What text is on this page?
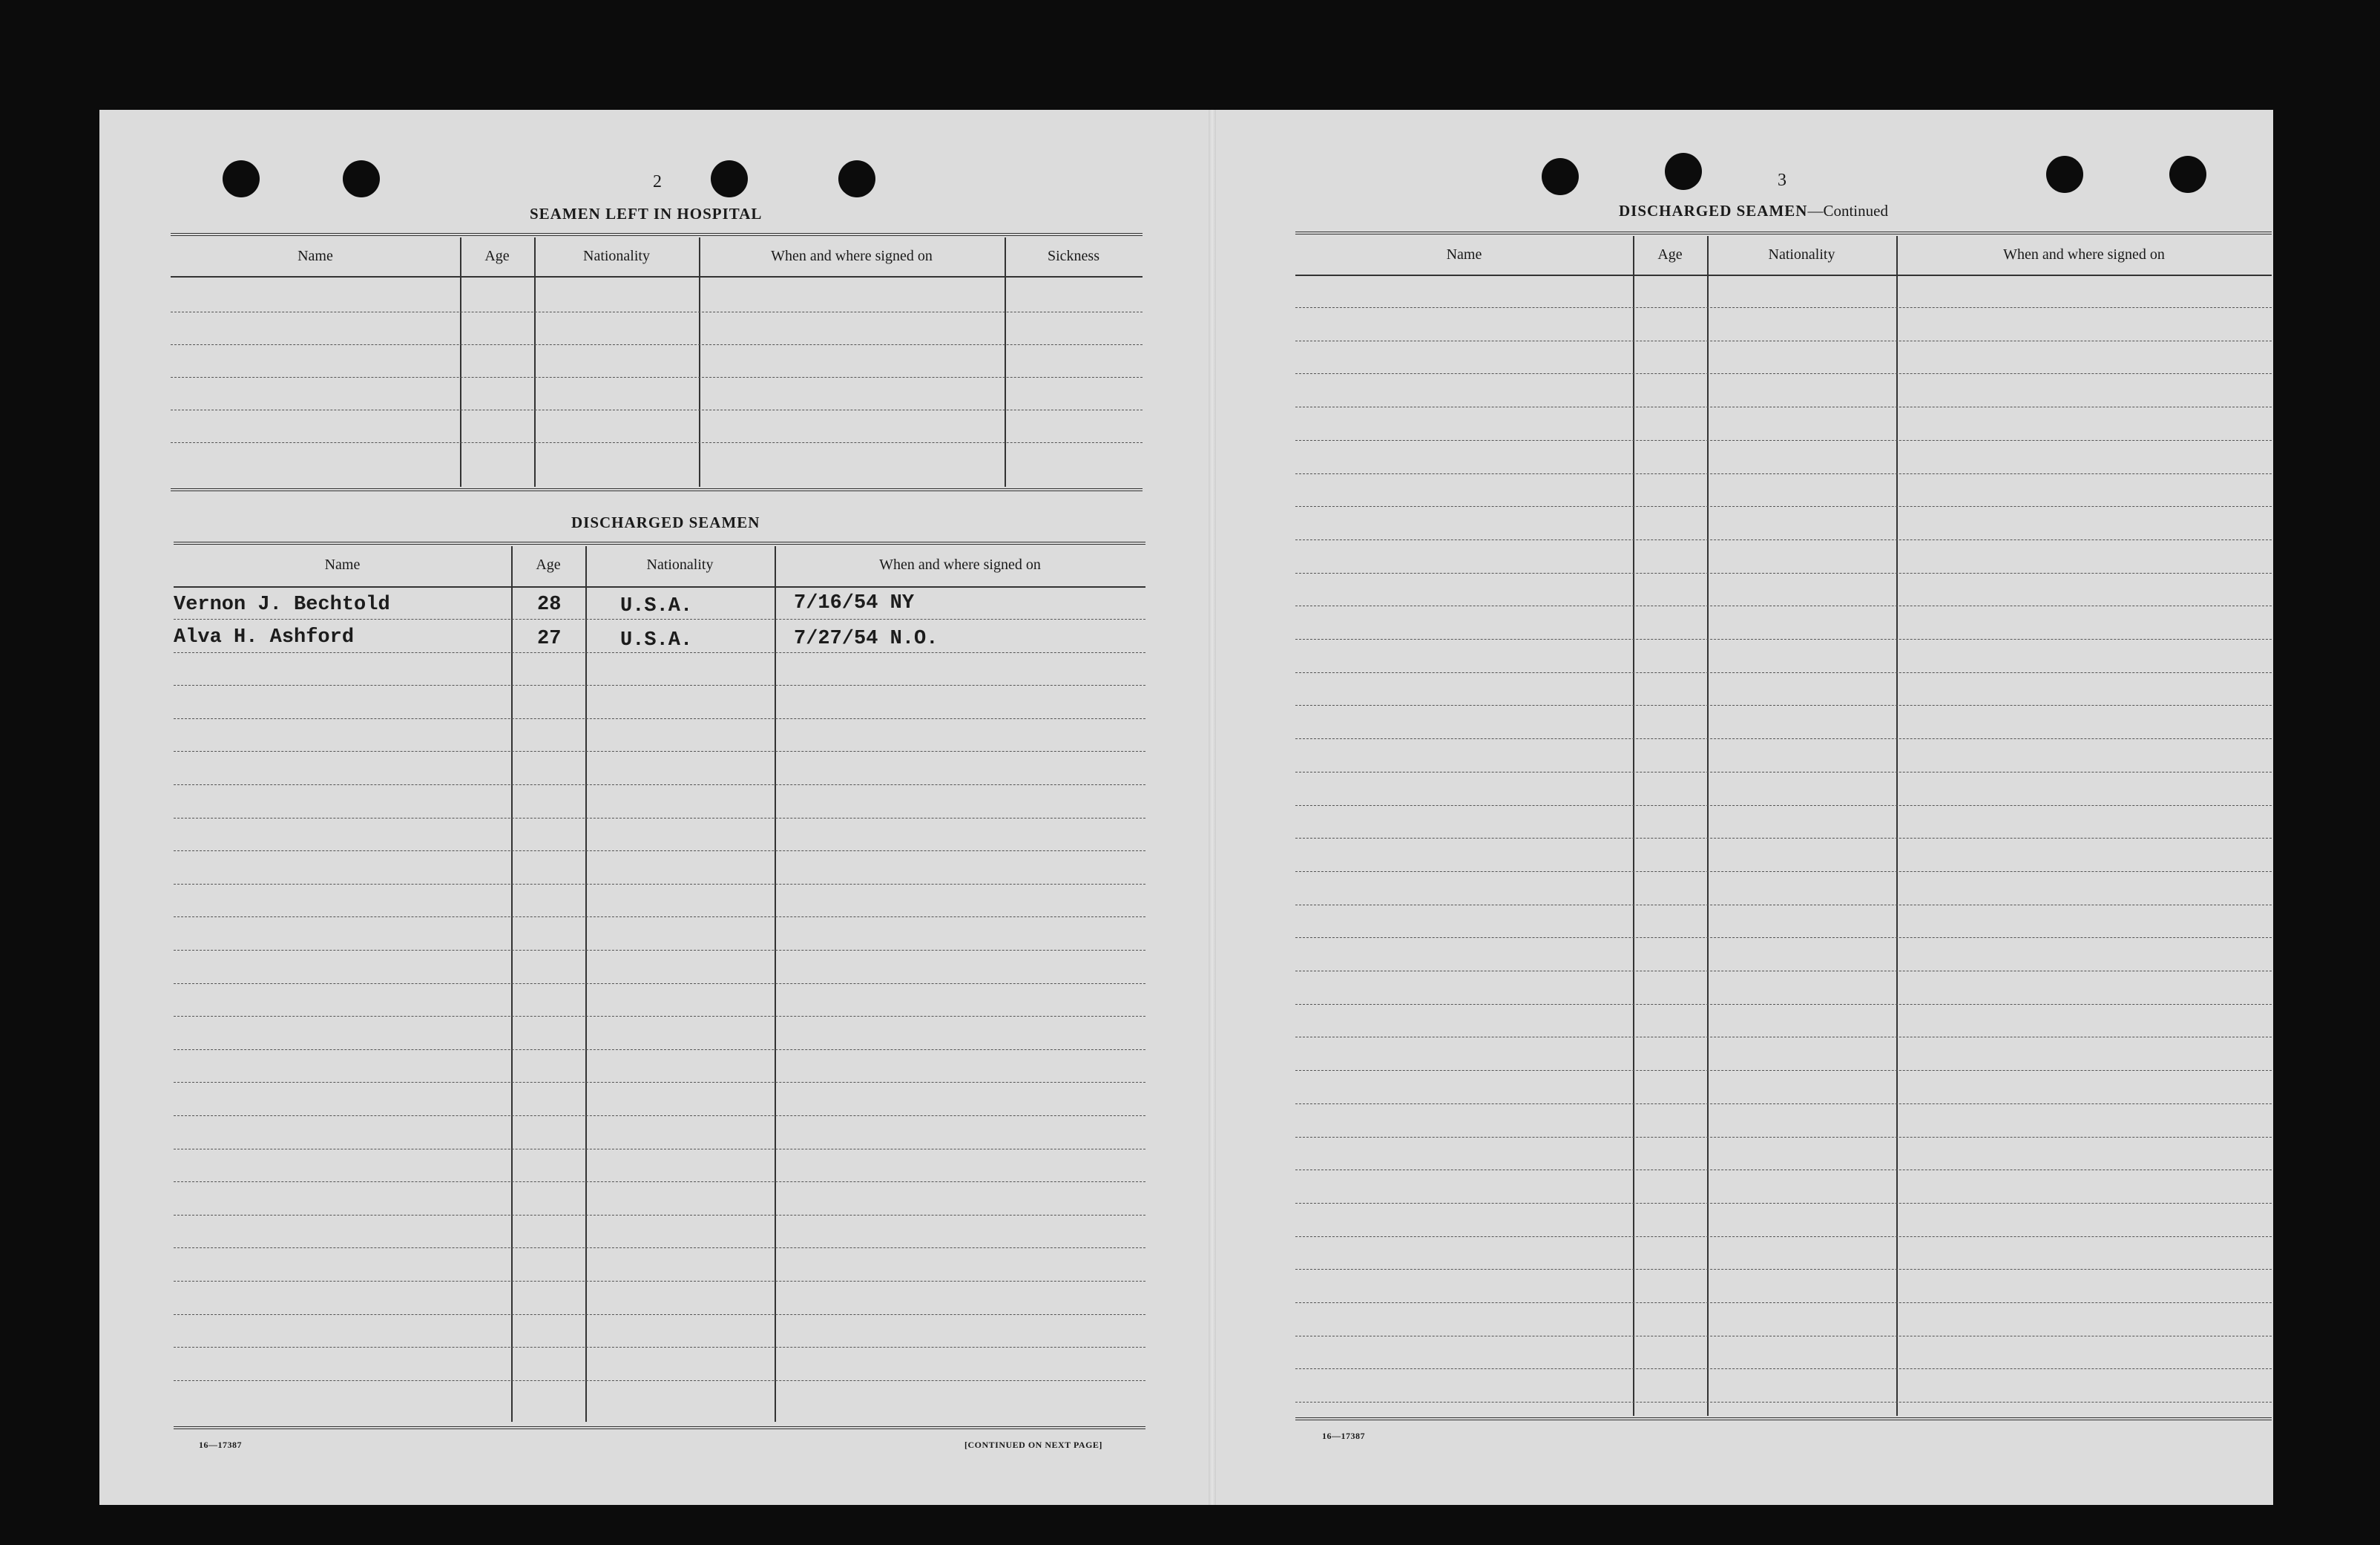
2
SEAMEN LEFT IN HOSPITAL
Name	Age	Nationality	When and where signed on	Sickness
DISCHARGED SEAMEN
Name	Age	Nationality	When and where signed on
Vernon J. Bechtold	28	U.S.A.	7/16/54 NY
Alva H. Ashford	27	U.S.A.	7/27/54 N.O.
16—17387	[CONTINUED ON NEXT PAGE]
3
DISCHARGED SEAMEN—Continued
Name	Age	Nationality	When and where signed on
16—17387
